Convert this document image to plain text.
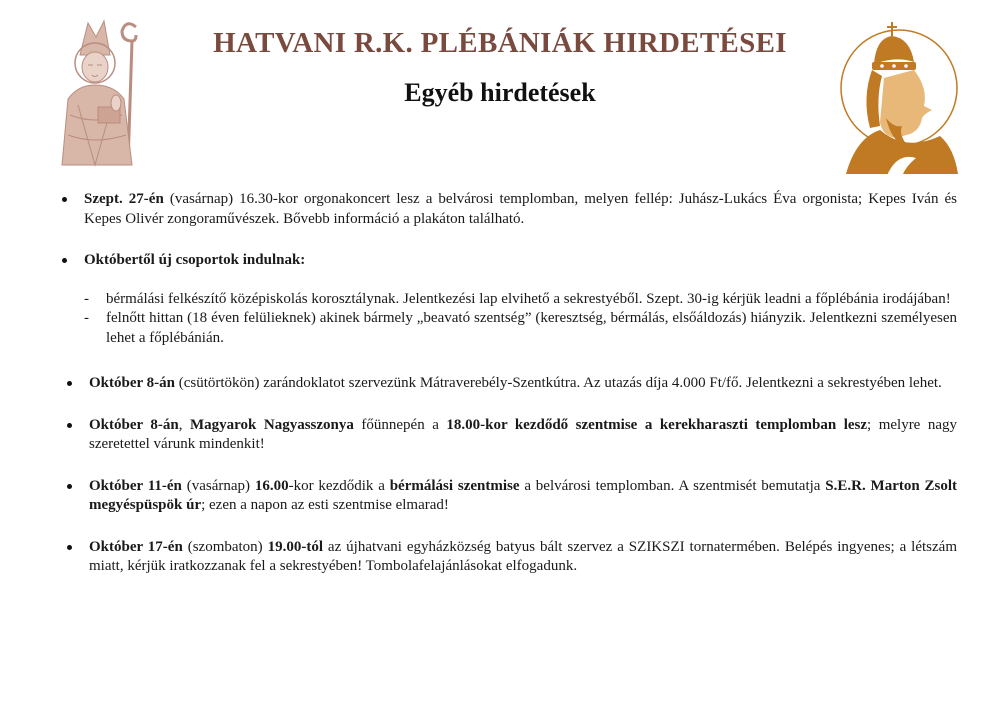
HATVANI R.K. PLÉBÁNIÁK HIRDETÉSEI
Egyéb hirdetések

Szept. 27-én (vasárnap) 16.30-kor orgonakoncert lesz a belvárosi templomban, melyen fellép: Juhász-Lukács Éva orgonista; Kepes Iván és Kepes Olivér zongoraművészek. Bővebb információ a plakáton található.

Októbertől új csoportok indulnak:
- bérmálási felkészítő középiskolás korosztálynak. Jelentkezési lap elvihető a sekrestyéből. Szept. 30-ig kérjük leadni a főplébánia irodájában!
- felnőtt hittan (18 éven felülieknek) akinek bármely „beavató szentség” (keresztség, bérmálás, elsőáldozás) hiányzik. Jelentkezni személyesen lehet a főplébánián.

Október 8-án (csütörtökön) zarándoklatot szervezünk Mátraverebély-Szentkútra. Az utazás díja 4.000 Ft/fő. Jelentkezni a sekrestyében lehet.

Október 8-án, Magyarok Nagyasszonya főünnepén a 18.00-kor kezdődő szentmise a kerekharaszti templomban lesz; melyre nagy szeretettel várunk mindenkit!

Október 11-én (vasárnap) 16.00-kor kezdődik a bérmálási szentmise a belvárosi templomban. A szentmisét bemutatja S.E.R. Marton Zsolt megyéspüspök úr; ezen a napon az esti szentmise elmarad!

Október 17-én (szombaton) 19.00-tól az újhatvani egyházközség batyus bált szervez a SZIKSZI tornatermében. Belépés ingyenes; a létszám miatt, kérjük iratkozzanak fel a sekrestyében! Tombolafelajánlásokat elfogadunk.
